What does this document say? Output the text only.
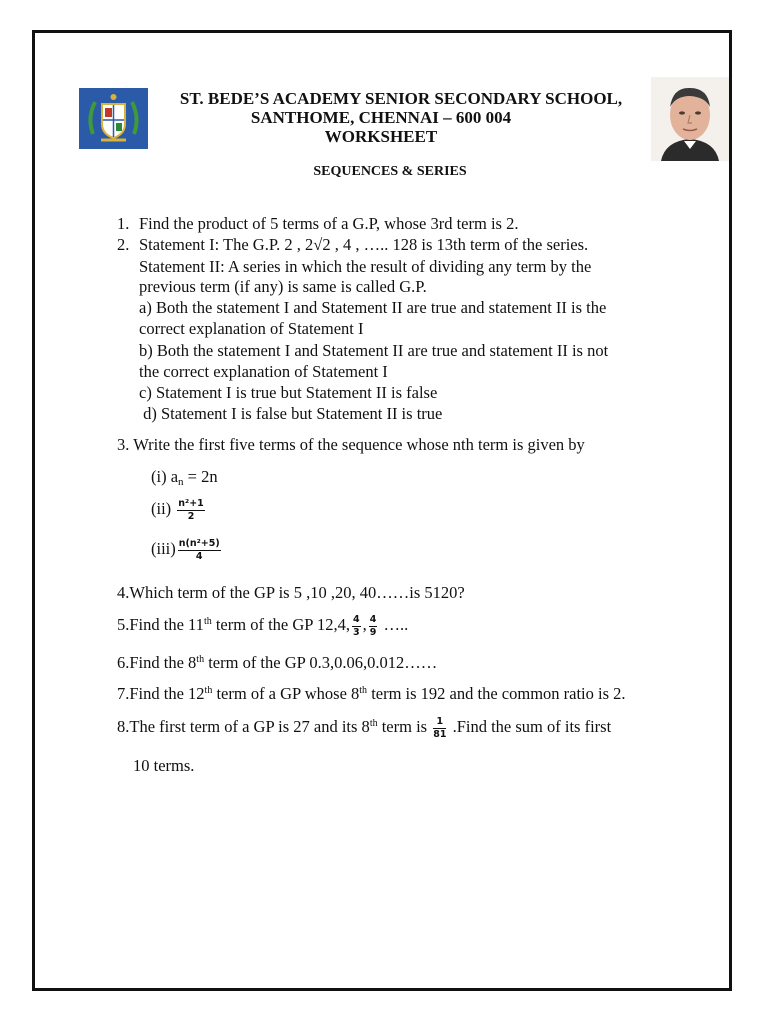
ST. BEDE’S ACADEMY SENIOR SECONDARY SCHOOL,
SANTHOME, CHENNAI – 600 004
WORKSHEET
SEQUENCES & SERIES
1. Find the product of 5 terms of a G.P, whose 3rd term is 2.
2. Statement I: The G.P. 2 , 2√2 , 4 , ….. 128 is 13th term of the series.
Statement II: A series in which the result of dividing any term by the
previous term (if any) is same is called G.P.
a) Both the statement I and Statement II are true and statement II is the
correct explanation of Statement I
b) Both the statement I and Statement II are true and statement II is not
the correct explanation of Statement I
c) Statement I is true but Statement II is false
d) Statement I is false but Statement II is true
3. Write the first five terms of the sequence whose nth term is given by
(i) $a_n = 2n$
$(ii) \frac{\text{n²+1}}{2}$
$(iii) \frac{\text{n(n²+5)}}{4}$
4.Which term of the GP is 5 ,10 ,20, 40……is 5120?
5.Find the 11th term of the GP 12,4, $\frac{4}{3}$ , $\frac{4}{9}$ …..
6.Find the 8th term of the GP 0.3,0.06,0.012……
7.Find the 12th term of a GP whose 8th term is 192 and the common ratio is 2.
8.The first term of a GP is 27 and its 8th term is $\frac{1}{81}$ .Find the sum of its first
10 terms.
